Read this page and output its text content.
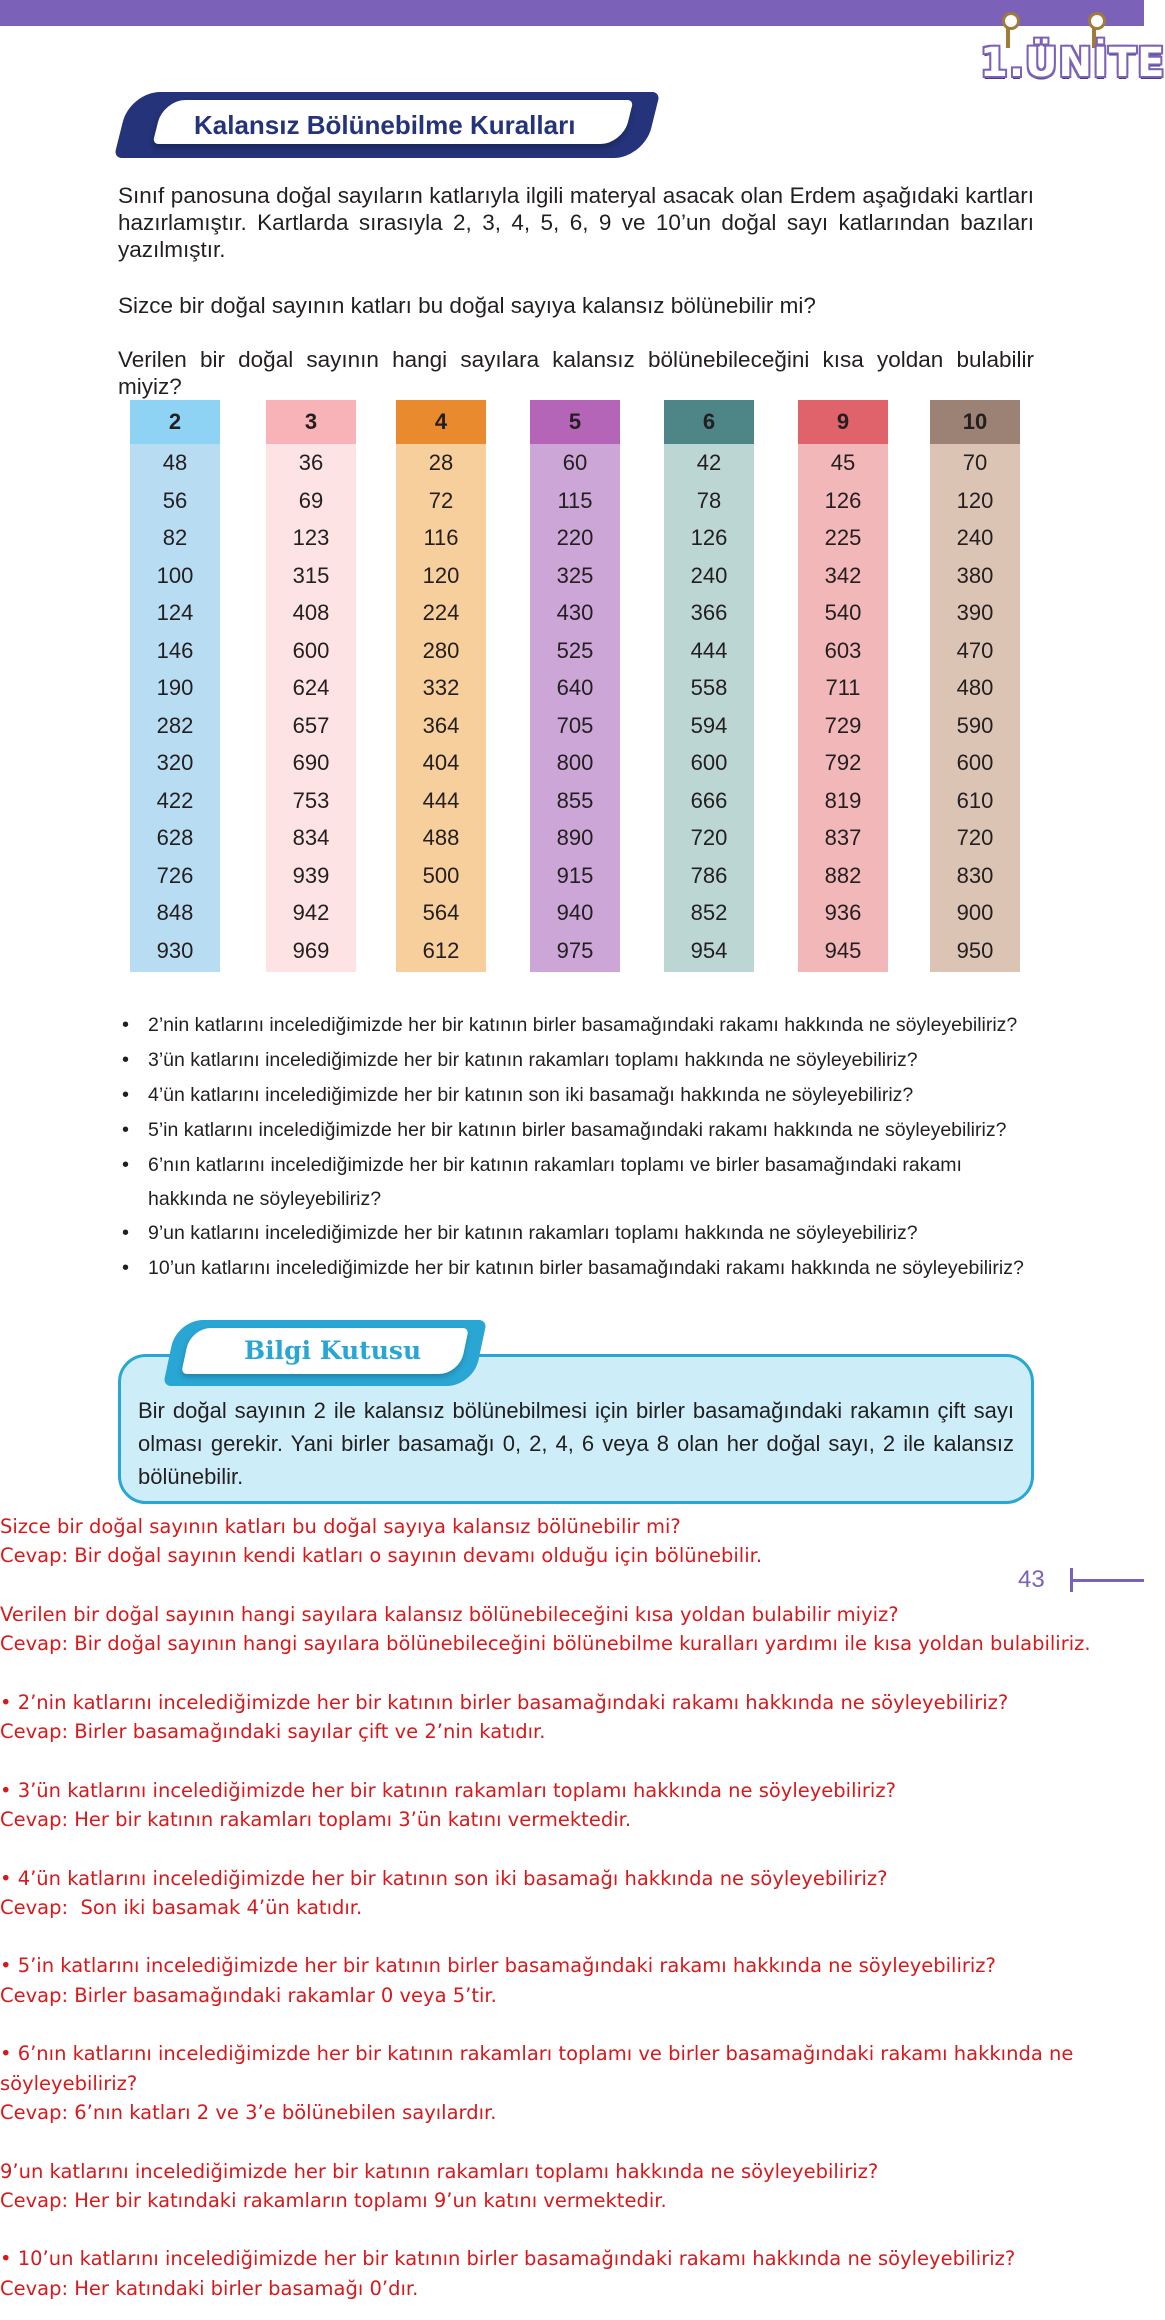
1.ÜNİTE
Kalansız Bölünebilme Kuralları

Sınıf panosuna doğal sayıların katlarıyla ilgili materyal asacak olan Erdem aşağıdaki kartları hazırlamıştır. Kartlarda sırasıyla 2, 3, 4, 5, 6, 9 ve 10’un doğal sayı katlarından bazıları yazılmıştır.

Sizce bir doğal sayının katları bu doğal sayıya kalansız bölünebilir mi?

Verilen bir doğal sayının hangi sayılara kalansız bölünebileceğini kısa yoldan bulabilir miyiz?

2
48
56
82
100
124
146
190
282
320
422
628
726
848
930
3
36
69
123
315
408
600
624
657
690
753
834
939
942
969
4
28
72
116
120
224
280
332
364
404
444
488
500
564
612
5
60
115
220
325
430
525
640
705
800
855
890
915
940
975
6
42
78
126
240
366
444
558
594
600
666
720
786
852
954
9
45
126
225
342
540
603
711
729
792
819
837
882
936
945
10
70
120
240
380
390
470
480
590
600
610
720
830
900
950
• 2’nin katlarını incelediğimizde her bir katının birler basamağındaki rakamı hakkında ne söyleyebiliriz?
• 3’ün katlarını incelediğimizde her bir katının rakamları toplamı hakkında ne söyleyebiliriz?
• 4’ün katlarını incelediğimizde her bir katının son iki basamağı hakkında ne söyleyebiliriz?
• 5’in katlarını incelediğimizde her bir katının birler basamağındaki rakamı hakkında ne söyleyebiliriz?
• 6’nın katlarını incelediğimizde her bir katının rakamları toplamı ve birler basamağındaki rakamı hakkında ne söyleyebiliriz?
• 9’un katlarını incelediğimizde her bir katının rakamları toplamı hakkında ne söyleyebiliriz?
• 10’un katlarını incelediğimizde her bir katının birler basamağındaki rakamı hakkında ne söyleyebiliriz?
Bilgi Kutusu

Bir doğal sayının 2 ile kalansız bölünebilmesi için birler basamağındaki rakamın çift sayı olması gerekir. Yani birler basamağı 0, 2, 4, 6 veya 8 olan her doğal sayı, 2 ile kalansız bölünebilir.

43

Sizce bir doğal sayının katları bu doğal sayıya kalansız bölünebilir mi?

Cevap: Bir doğal sayının kendi katları o sayının devamı olduğu için bölünebilir.

Verilen bir doğal sayının hangi sayılara kalansız bölünebileceğini kısa yoldan bulabilir miyiz?

Cevap: Bir doğal sayının hangi sayılara bölünebileceğini bölünebilme kuralları yardımı ile kısa yoldan bulabiliriz.

• 2’nin katlarını incelediğimizde her bir katının birler basamağındaki rakamı hakkında ne söyleyebiliriz?

Cevap: Birler basamağındaki sayılar çift ve 2’nin katıdır.

• 3’ün katlarını incelediğimizde her bir katının rakamları toplamı hakkında ne söyleyebiliriz?

Cevap: Her bir katının rakamları toplamı 3’ün katını vermektedir.

• 4’ün katlarını incelediğimizde her bir katının son iki basamağı hakkında ne söyleyebiliriz?

Cevap:  Son iki basamak 4’ün katıdır.

• 5’in katlarını incelediğimizde her bir katının birler basamağındaki rakamı hakkında ne söyleyebiliriz?

Cevap: Birler basamağındaki rakamlar 0 veya 5’tir.

• 6’nın katlarını incelediğimizde her bir katının rakamları toplamı ve birler basamağındaki rakamı hakkında ne söyleyebiliriz?

Cevap: 6’nın katları 2 ve 3’e bölünebilen sayılardır.

9’un katlarını incelediğimizde her bir katının rakamları toplamı hakkında ne söyleyebiliriz?

Cevap: Her bir katındaki rakamların toplamı 9’un katını vermektedir.

• 10’un katlarını incelediğimizde her bir katının birler basamağındaki rakamı hakkında ne söyleyebiliriz?

Cevap: Her katındaki birler basamağı 0’dır.
